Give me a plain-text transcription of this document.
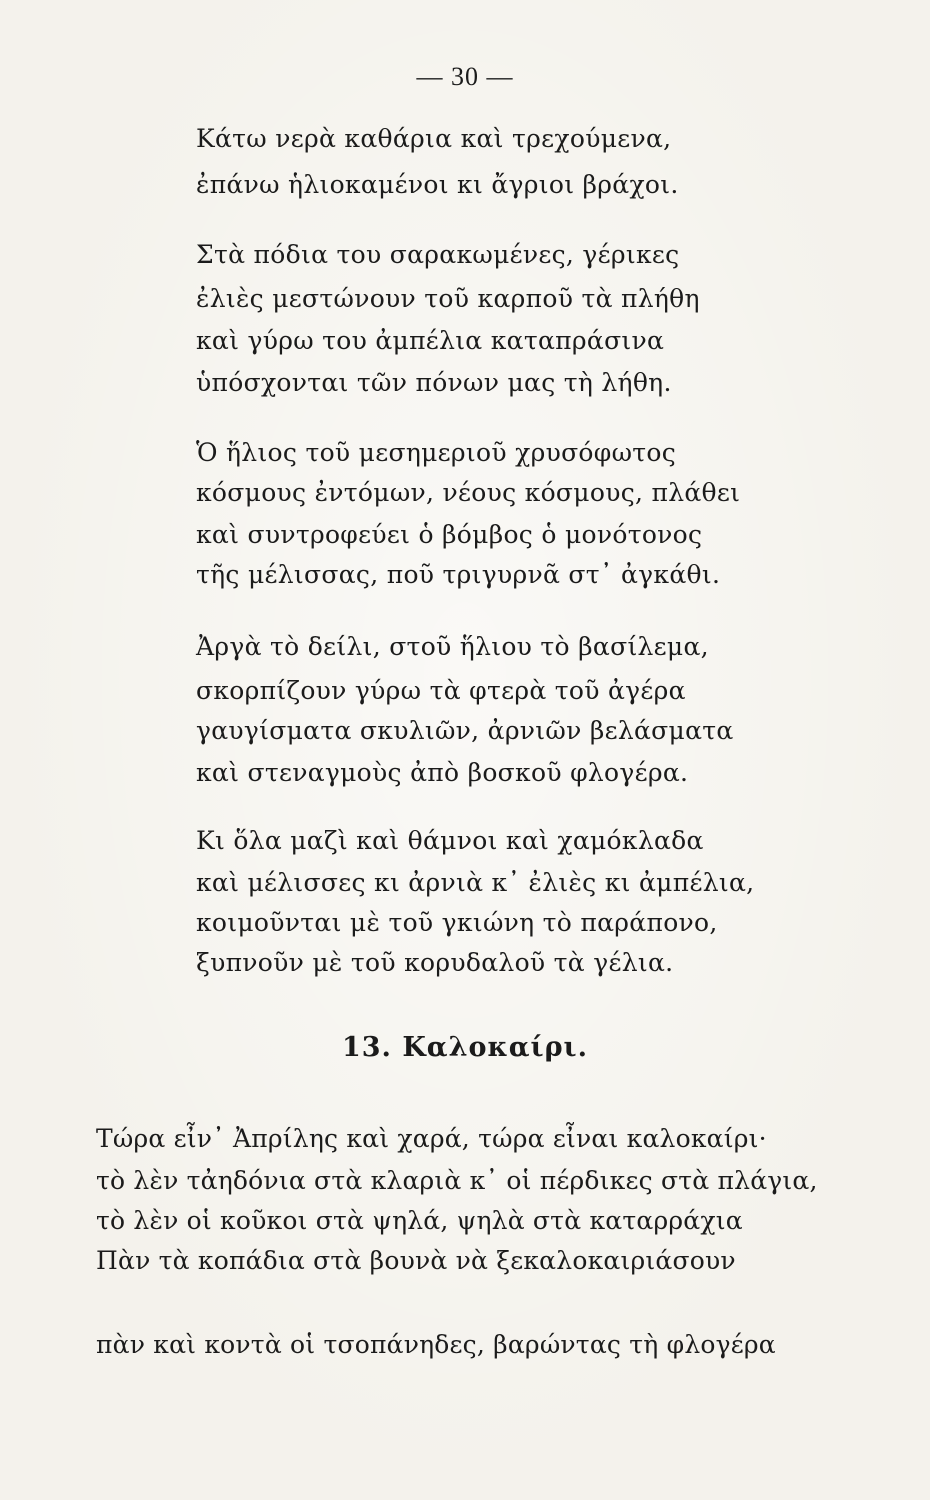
— 30 —
Κάτω νερὰ καθάρια καὶ τρεχούμενα,
ἐπάνω ἡλιοκαμένοι κι ἄγριοι βράχοι.
Στὰ πόδια του σαρακωμένες, γέρικες
ἐλιὲς μεστώνουν τοῦ καρποῦ τὰ πλήθη
καὶ γύρω του ἀμπέλια καταπράσινα
ὑπόσχονται τῶν πόνων μας τὴ λήθη.
Ὁ ἥλιος τοῦ μεσημεριοῦ χρυσόφωτος
κόσμους ἐντόμων, νέους κόσμους, πλάθει
καὶ συντροφεύει ὁ βόμβος ὁ μονότονος
τῆς μέλισσας, ποῦ τριγυρνᾶ στ᾽ ἀγκάθι.
Ἀργὰ τὸ δείλι, στοῦ ἥλιου τὸ βασίλεμα,
σκορπίζουν γύρω τὰ φτερὰ τοῦ ἀγέρα
γαυγίσματα σκυλιῶν, ἀρνιῶν βελάσματα
καὶ στεναγμοὺς ἀπὸ βοσκοῦ φλογέρα.
Κι ὅλα μαζὶ καὶ θάμνοι καὶ χαμόκλαδα
καὶ μέλισσες κι ἀρνιὰ κ᾽ ἐλιὲς κι ἀμπέλια,
κοιμοῦνται μὲ τοῦ γκιώνη τὸ παράπονο,
ξυπνοῦν μὲ τοῦ κορυδαλοῦ τὰ γέλια.
13. Καλοκαίρι.
Τώρα εἶν᾽ Ἀπρίλης καὶ χαρά, τώρα εἶναι καλοκαίρι·
τὸ λὲν τἀηδόνια στὰ κλαριὰ κ᾽ οἱ πέρδικες στὰ πλάγια,
τὸ λὲν οἱ κοῦκοι στὰ ψηλά, ψηλὰ στὰ καταρράχια
Πὰν τὰ κοπάδια στὰ βουνὰ νὰ ξεκαλοκαιριάσουν
πὰν καὶ κοντὰ οἱ τσοπάνηδες, βαρώντας τὴ φλογέρα
